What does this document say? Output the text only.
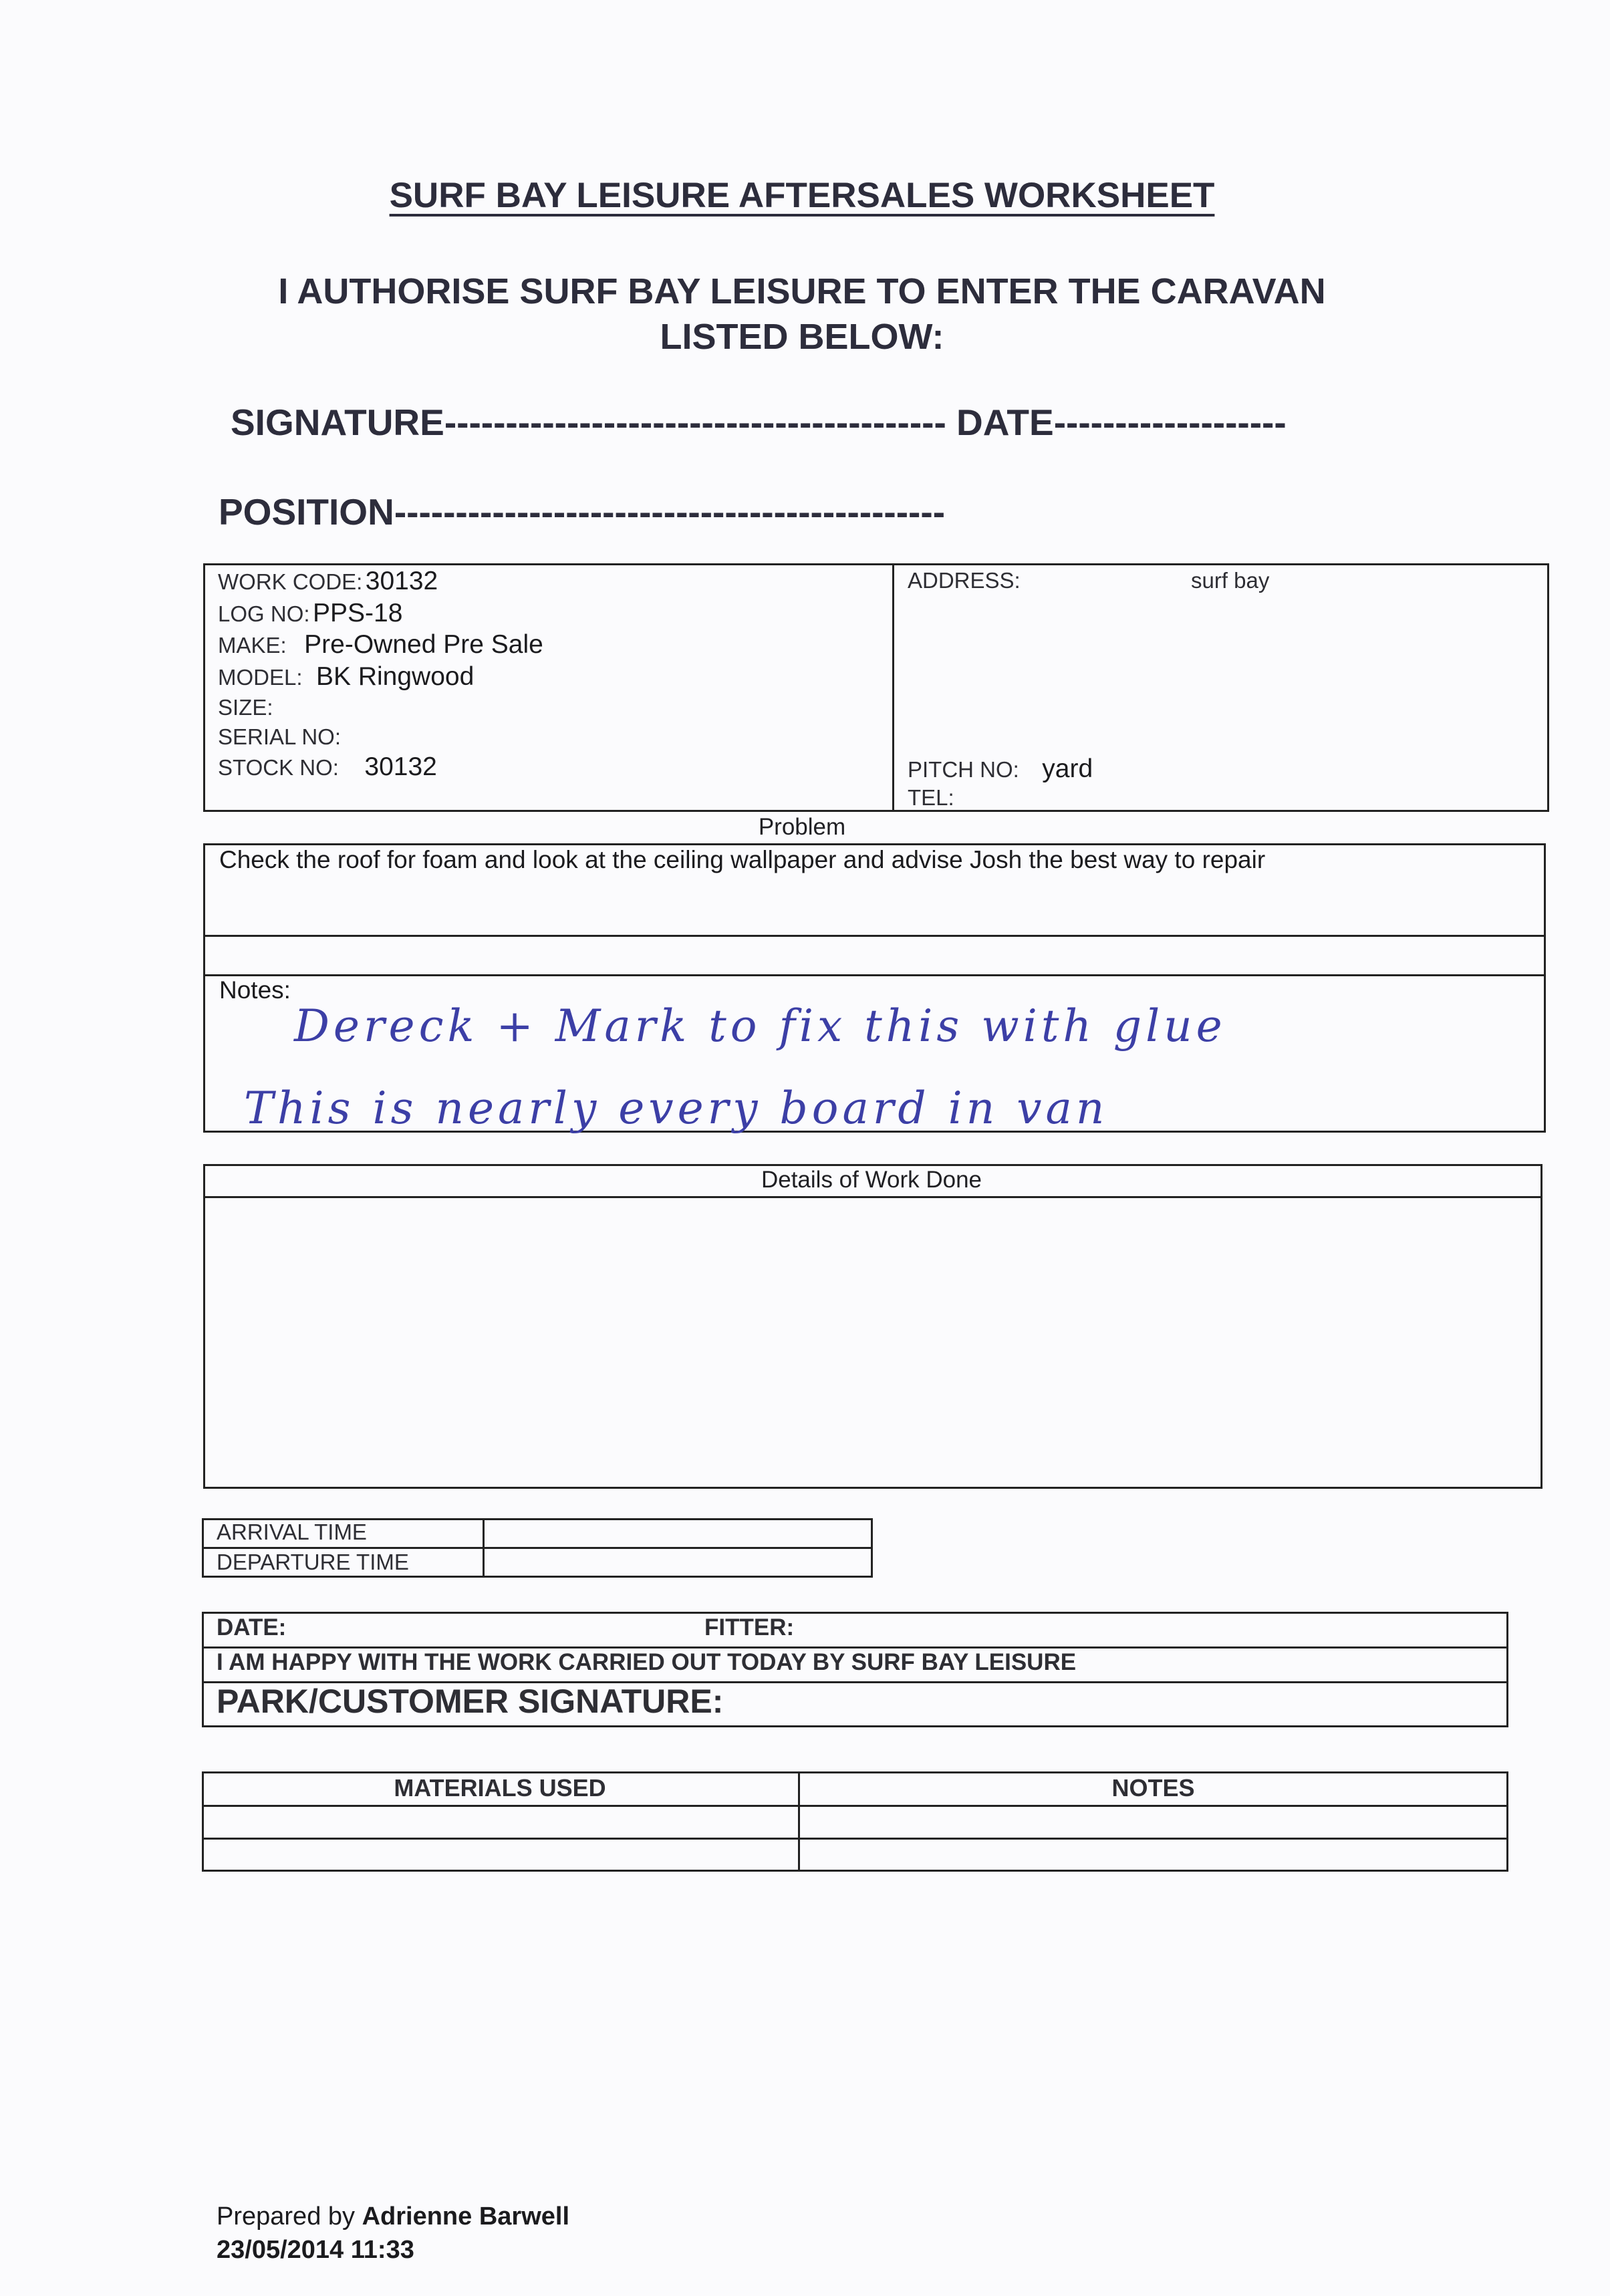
SURF BAY LEISURE AFTERSALES WORKSHEET
I AUTHORISE SURF BAY LEISURE TO ENTER THE CARAVAN
LISTED BELOW:
SIGNATURE----------------------------------------- DATE-------------------
POSITION---------------------------------------------
WORK CODE: 30132
LOG NO: PPS-18
MAKE: Pre-Owned Pre Sale
MODEL: BK Ringwood
SIZE:
SERIAL NO:
STOCK NO: 30132
ADDRESS:	surf bay
PITCH NO: yard
TEL:
Problem
Check the roof for foam and look at the ceiling wallpaper and advise Josh the best way to repair
Notes:
Dereck + Mark to fix this with glue
This is nearly every board in van
Details of Work Done
ARRIVAL TIME
DEPARTURE TIME
DATE:	FITTER:
I AM HAPPY WITH THE WORK CARRIED OUT TODAY BY SURF BAY LEISURE
PARK/CUSTOMER SIGNATURE:
MATERIALS USED	NOTES
Prepared by Adrienne Barwell
23/05/2014 11:33
